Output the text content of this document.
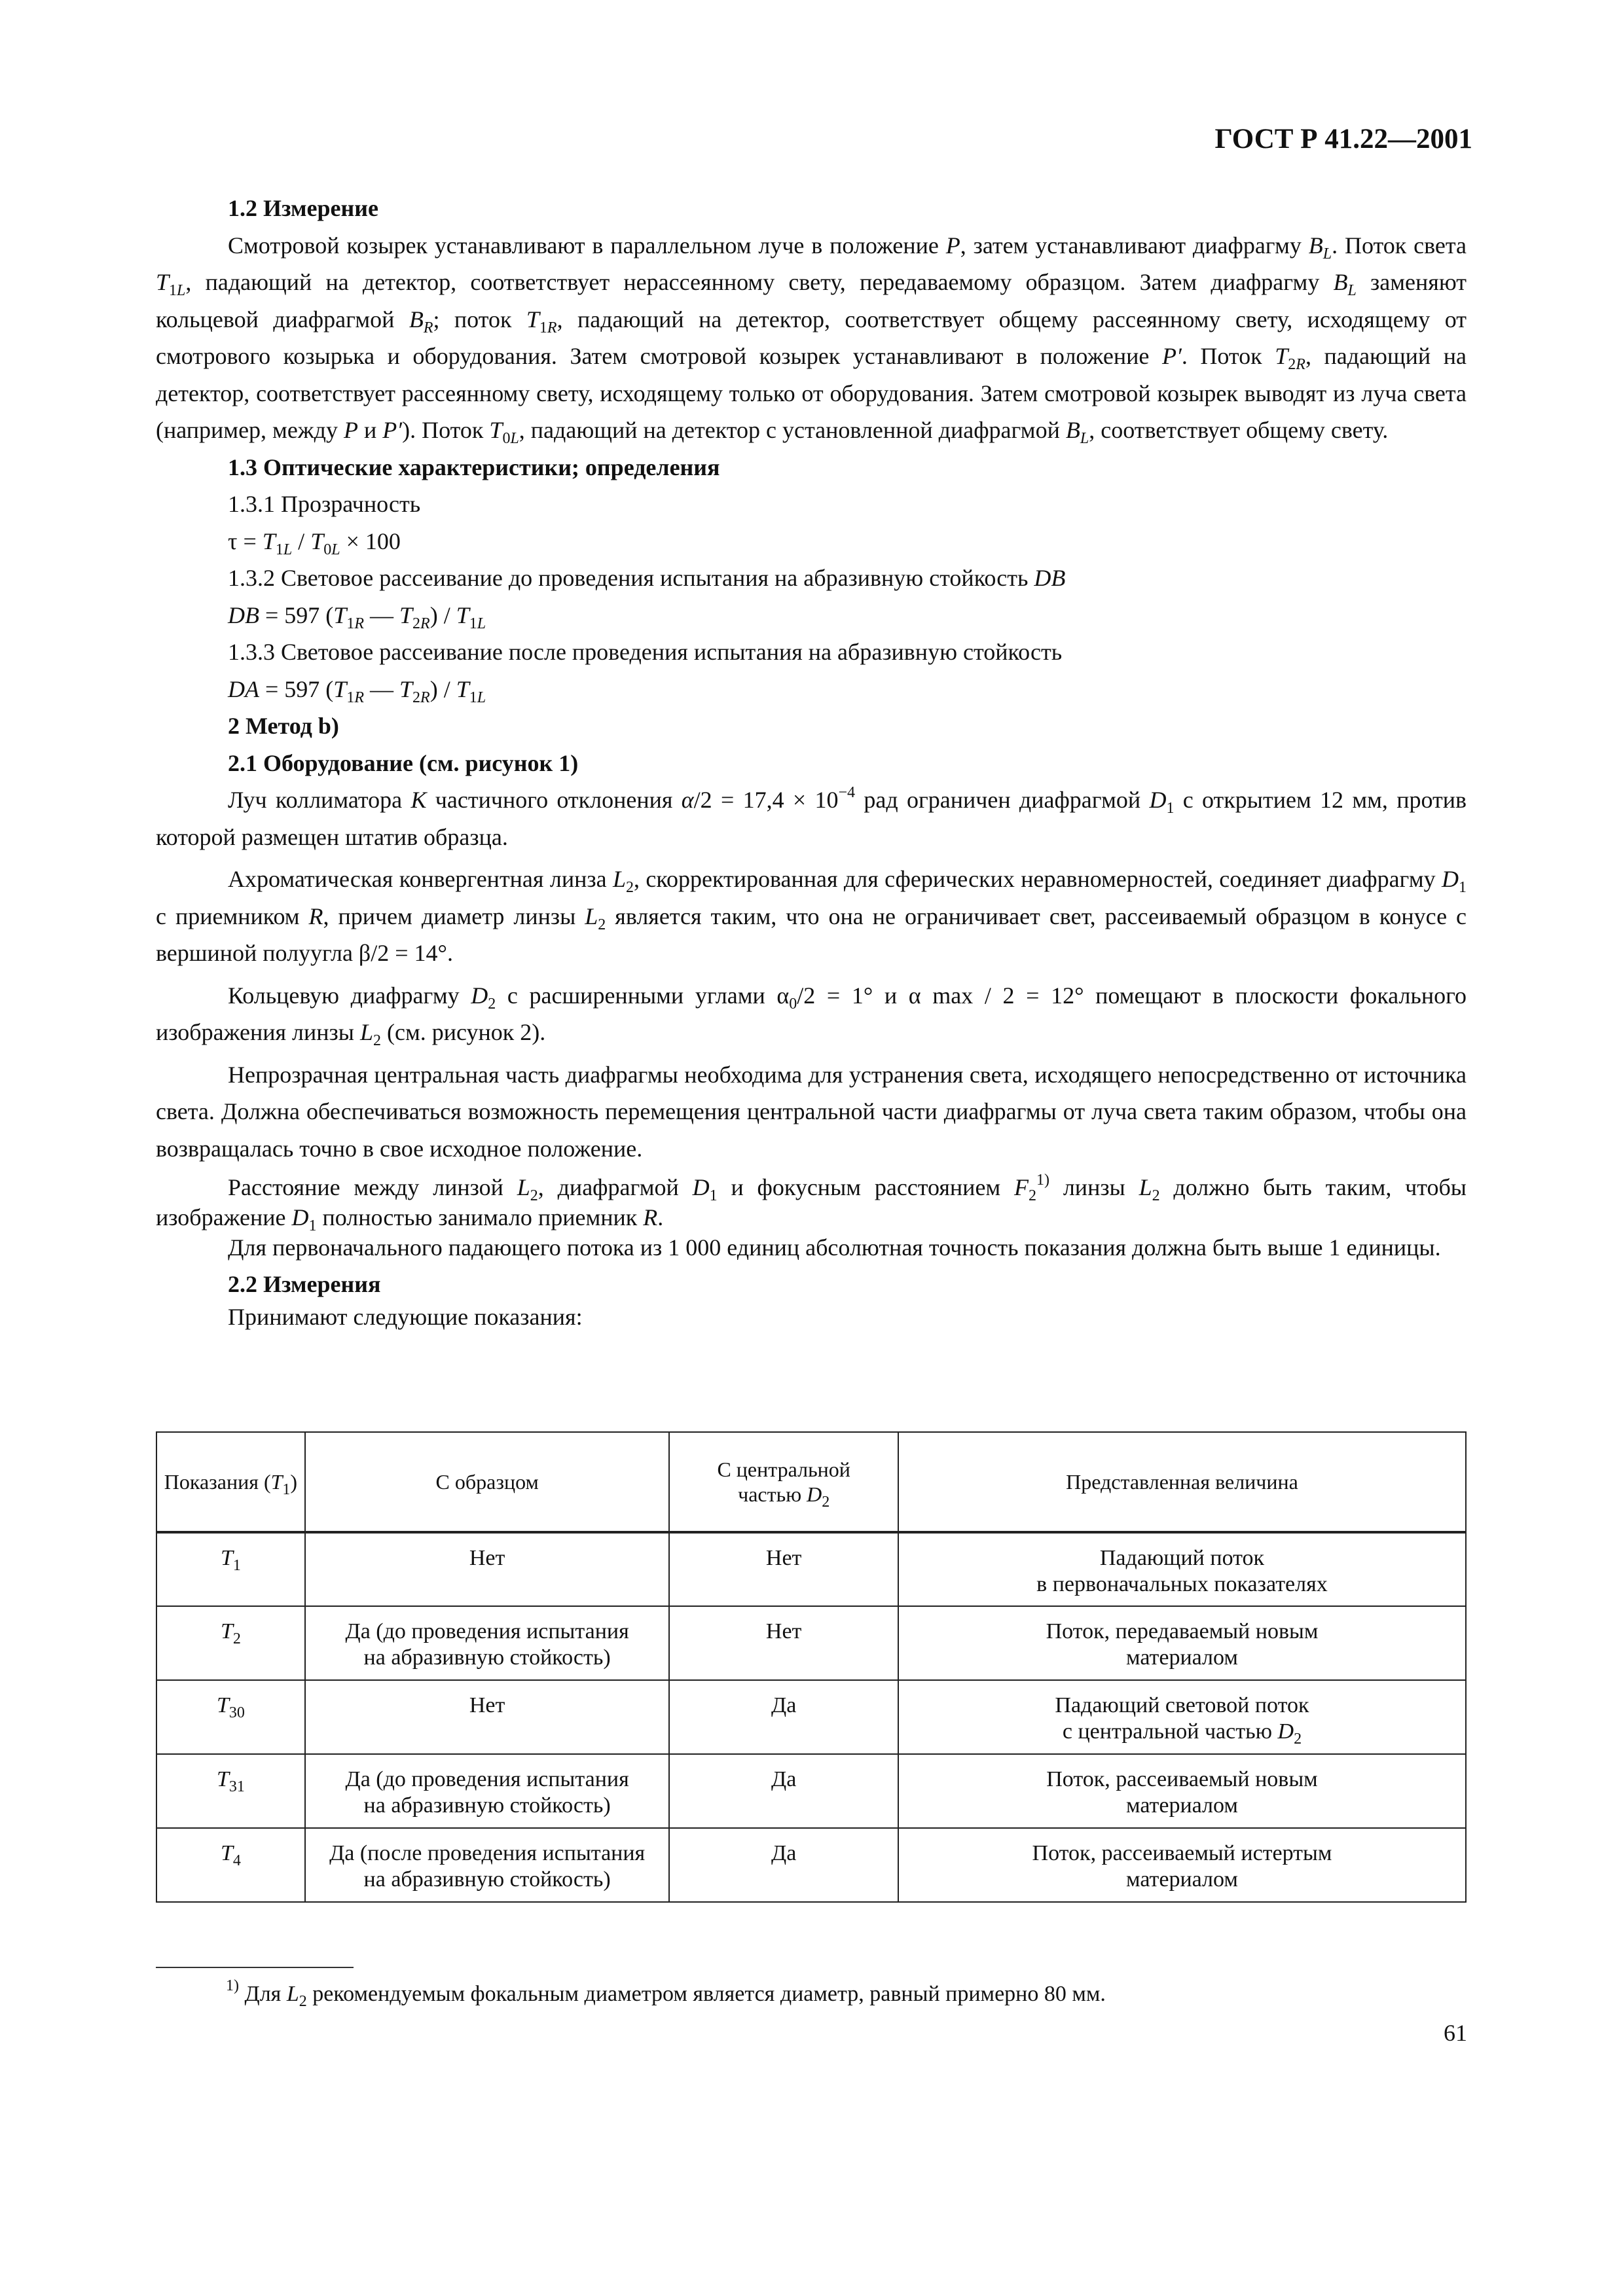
ГОСТ Р 41.22—2001
1.2 Измерение

Смотровой козырек устанавливают в параллельном луче в положение P, затем устанавливают диафрагму $B_L$. Поток света $T_{1L}$, падающий на детектор, соответствует нерассеянному свету, передаваемому образцом. Затем диафрагму $B_L$ заменяют кольцевой диафрагмой $B_R$; поток $T_{1R}$, падающий на детектор, соответствует общему рассеянному свету, исходящему от смотрового козырька и оборудования. Затем смотровой козырек устанавливают в положение P′. Поток $T_{2R}$, падающий на детектор, соответствует рассеянному свету, исходящему только от оборудования. Затем смотровой козырек выводят из луча света (например, между P и P′). Поток $T_{0L}$, падающий на детектор с установленной диафрагмой $B_L$, соответствует общему свету.

1.3 Оптические характеристики; определения
1.3.1 Прозрачность
$\tau = T_{1L} / T_{0L} \times 100$
1.3.2 Световое рассеивание до проведения испытания на абразивную стойкость DB
DB = 597 ($T_{1R}$ — $T_{2R}) / T_{1L}$
1.3.3 Световое рассеивание после проведения испытания на абразивную стойкость
DA = 597 ($T_{1R}$ — $T_{2R}) / T_{1L}$
2 Метод b)
2.1 Оборудование (см. рисунок 1)

Луч коллиматора K частичного отклонения $\alpha/2 = 17,4 \times 10^{-4}$ рад ограничен диафрагмой $D_1$ с открытием 12 мм, против которой размещен штатив образца.

Ахроматическая конвергентная линза $L_2$, скорректированная для сферических неравномерностей, соединяет диафрагму $D_1$ с приемником R, причем диаметр линзы $L_2$ является таким, что она не ограничивает свет, рассеиваемый образцом в конусе с вершиной полуугла β/2 = 14°.

Кольцевую диафрагму $D_2$ с расширенными углами $\alpha_0/2 = 1^\circ$ и α max / 2 = 12° помещают в плоскости фокального изображения линзы $L_2$ (см. рисунок 2).

Непрозрачная центральная часть диафрагмы необходима для устранения света, исходящего непосредственно от источника света. Должна обеспечиваться возможность перемещения центральной части диафрагмы от луча света таким образом, чтобы она возвращалась точно в свое исходное положение.

Расстояние между линзой $L_2$, диафрагмой $D_1$ и фокусным расстоянием $F_2^{1)}$ линзы $L_2$ должно быть таким, чтобы изображение $D_1$ полностью занимало приемник R.

Для первоначального падающего потока из 1 000 единиц абсолютная точность показания должна быть выше 1 единицы.

2.2 Измерения
Принимают следующие показания:
Показания $(T_1)$	С образцом	С центральной
частью $D_2$	Представленная величина
$T_1$	Нет	Нет	Падающий поток
в первоначальных показателях
$T_2$	Да (до проведения испытания
на абразивную стойкость)	Нет	Поток, передаваемый новым
материалом
$T_{30}$	Нет	Да	Падающий световой поток
с центральной частью $D_2$
$T_{31}$	Да (до проведения испытания
на абразивную стойкость)	Да	Поток, рассеиваемый новым
материалом
$T_4$	Да (после проведения испытания
на абразивную стойкость)	Да	Поток, рассеиваемый истертым
материалом
$^{1)}$ Для $L_2$ рекомендуемым фокальным диаметром является диаметр, равный примерно 80 мм.
61
